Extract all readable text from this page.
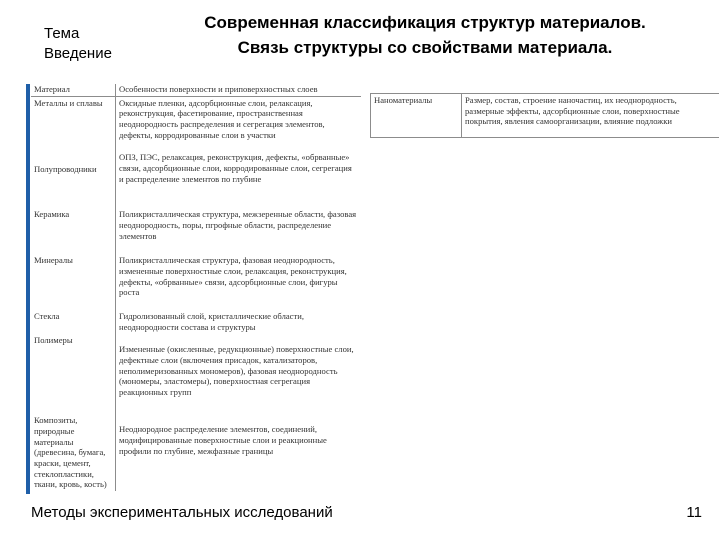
Тема
Введение
Современная классификация структур материалов.
Связь структуры со свойствами материала.
Материал	Особенности поверхности и приповерхностных слоев
Металлы и сплавы	Оксидные пленки, адсорбционные слои, релаксация, реконструкция, фасетирование, пространственная неоднородность распределения и сегрегация элементов, дефекты, корродированные слои в участки
Полупроводники	ОПЗ, ПЭС, релаксация, реконструкция, дефекты, «обрванные» связи, адсорбционные слои, корродированные слои, сегрегация и распределение элементов по глубине
Керамика	Поликристаллическая структура, межзеренные области, фазовая неоднородность, поры, пгрофные области, распределение элементов
Минералы	Поликристаллическая структура, фазовая неоднородность, измененные поверхностные слои, релаксация, реконструкция, дефекты, «обрванные» связи, адсорбционные слои, фигуры роста
Стекла	Гидролизованный слой, кристаллические области, неоднородности состава и структуры
Полимеры	Измененные (окисленные, редукционные) поверхностные слои, дефектные слои (включения присадок, катализаторов, неполимеризованных мономеров), фазовая неоднородность (мономеры, эластомеры), поверхностная сегрегация реакционных групп
Композиты, природные материалы (древесина, бумага, краски, цемент, стеклопластики, ткани, кровь, кость)	Неоднородное распределение элементов, соединений, модифицированные поверхностные слои и реакционные профили по глубине, межфазные границы
Наноматериалы	Размер, состав, строение наночастиц, их неоднородность, размерные эффекты, адсорбционные слои, поверхностные покрытия, явления самоорганизации, влияние подложки
Методы экспериментальных исследований	11
